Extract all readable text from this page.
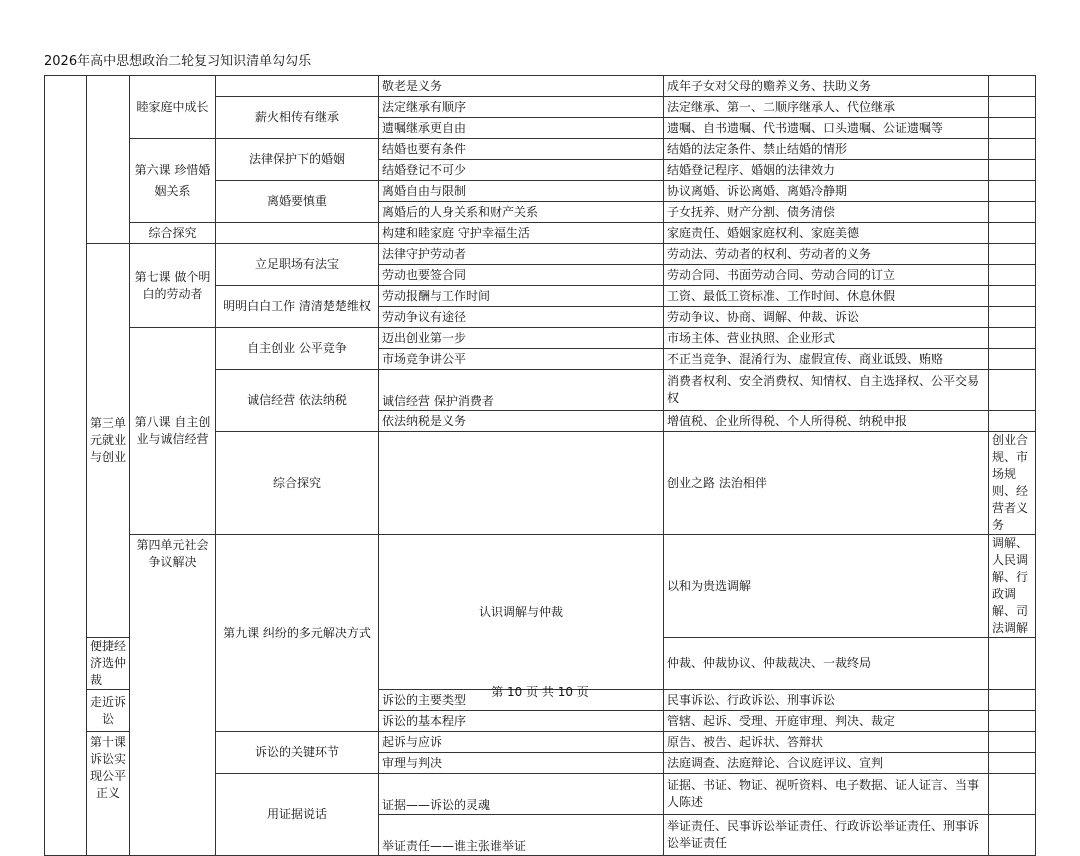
2026年高中思想政治二轮复习知识清单勾勾乐
		睦家庭中成长		敬老是义务	成年子女对父母的赡养义务、扶助义务		
			薪火相传有继承	法定继承有顺序	法定继承、第一、二顺序继承人、代位继承		
				遗嘱继承更自由	遗嘱、自书遗嘱、代书遗嘱、口头遗嘱、公证遗嘱等		
		第六课 珍惜婚姻关系	法律保护下的婚姻	结婚也要有条件	结婚的法定条件、禁止结婚的情形		
				结婚登记不可少	结婚登记程序、婚姻的法律效力		
			离婚要慎重	离婚自由与限制	协议离婚、诉讼离婚、离婚冷静期		
				离婚后的人身关系和财产关系	子女抚养、财产分割、债务清偿		
		综合探究		构建和睦家庭 守护幸福生活	家庭责任、婚姻家庭权利、家庭美德		
	第三单元就业与创业	第七课 做个明白的劳动者	立足职场有法宝	法律守护劳动者	劳动法、劳动者的权利、劳动者的义务		
				劳动也要签合同	劳动合同、书面劳动合同、劳动合同的订立		
			明明白白工作 清清楚楚维权	劳动报酬与工作时间	工资、最低工资标准、工作时间、休息休假		
				劳动争议有途径	劳动争议、协商、调解、仲裁、诉讼		
		第八课 自主创业与诚信经营	自主创业 公平竞争	迈出创业第一步	市场主体、营业执照、企业形式		
				市场竞争讲公平	不正当竞争、混淆行为、虚假宣传、商业诋毁、贿赂		
			诚信经营 依法纳税	诚信经营 保护消费者	消费者权利、安全消费权、知情权、自主选择权、公平交易权		
				依法纳税是义务	增值税、企业所得税、个人所得税、纳税申报		
			综合探究		创业之路 法治相伴	创业合规、市场规则、经营者义务	
		第四单元社会争议解决	第九课 纠纷的多元解决方式	认识调解与仲裁	以和为贵选调解	调解、人民调解、行政调解、司法调解	
	便捷经济选仲裁				仲裁、仲裁协议、仲裁裁决、一裁终局		
	走近诉讼			诉讼的主要类型	民事诉讼、行政诉讼、刑事诉讼		
				诉讼的基本程序	管辖、起诉、受理、开庭审理、判决、裁定		
	第十课 诉讼实现公平正义		诉讼的关键环节	起诉与应诉	原告、被告、起诉状、答辩状		
				审理与判决	法庭调查、法庭辩论、合议庭评议、宣判		
			用证据说话	证据——诉讼的灵魂	证据、书证、物证、视听资料、电子数据、证人证言、当事人陈述		
				举证责任——谁主张谁举证	举证责任、民事诉讼举证责任、行政诉讼举证责任、刑事诉讼举证责任		
第 10 页 共 10 页
